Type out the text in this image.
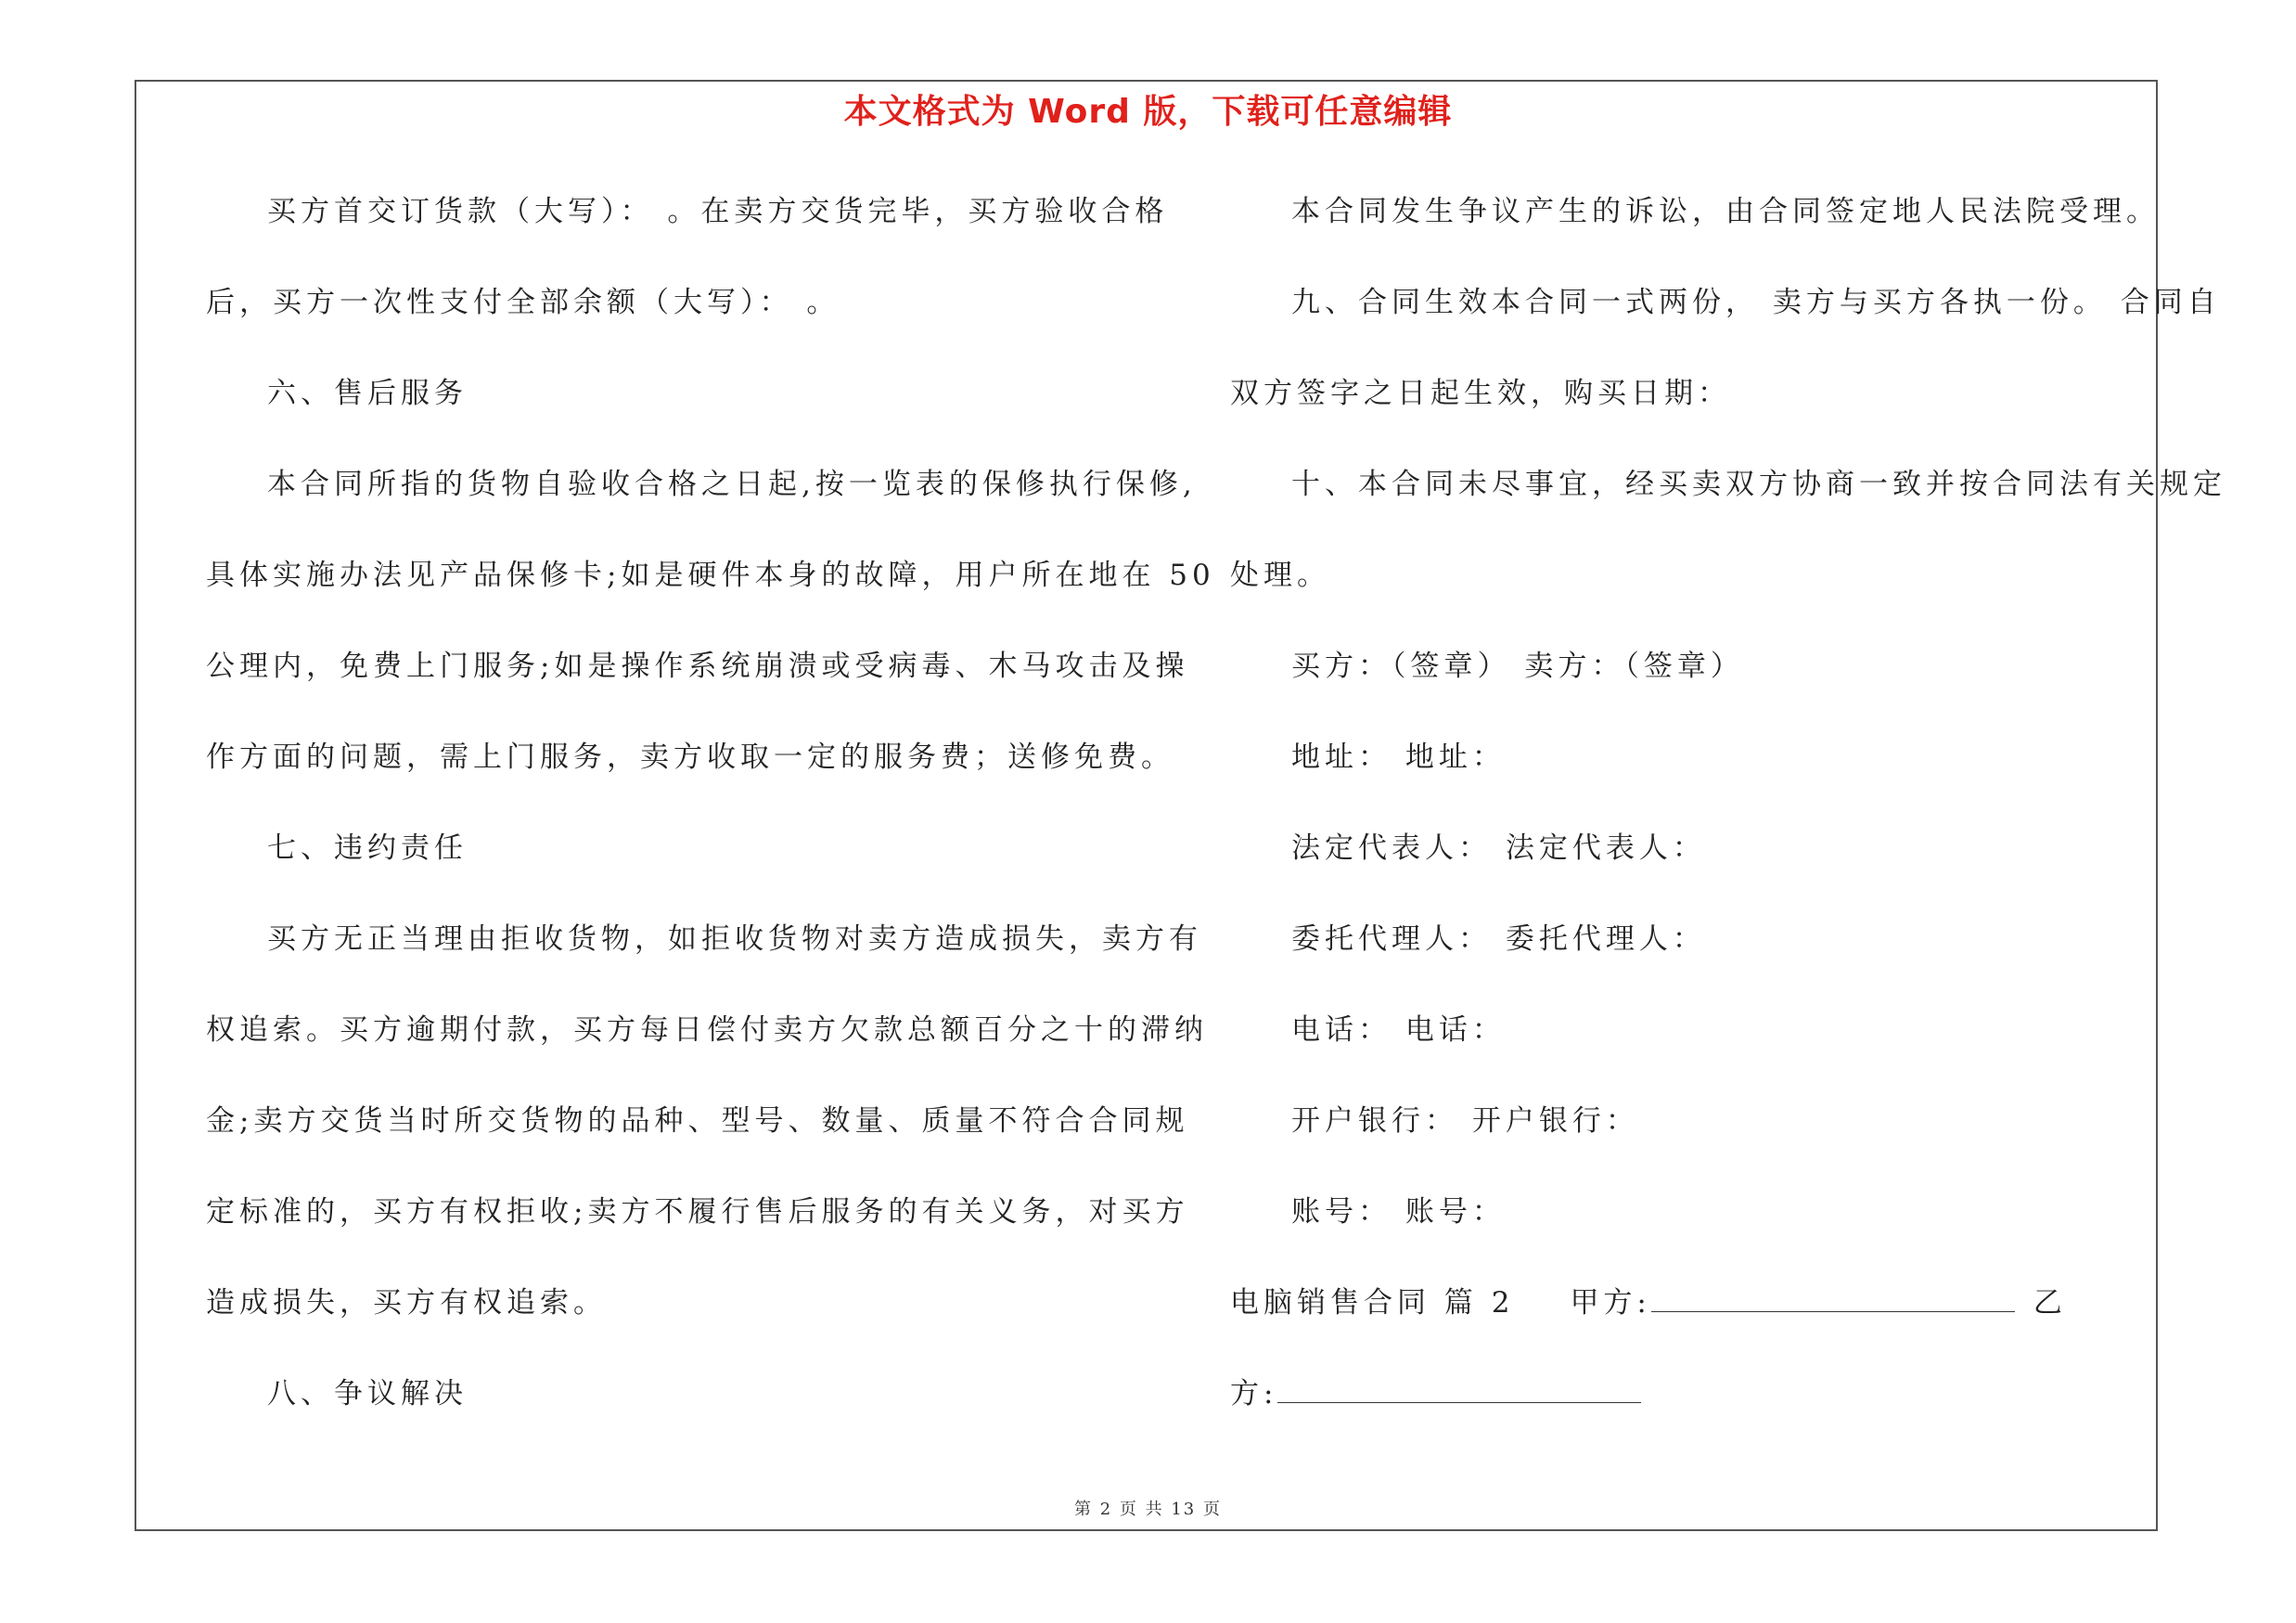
本文格式为 Word 版，下载可任意编辑
买方首交订货款（大写）： 。在卖方交货完毕，买方验收合格
后，买方一次性支付全部余额（大写）： 。
六、售后服务
本合同所指的货物自验收合格之日起,按一览表的保修执行保修,
具体实施办法见产品保修卡;如是硬件本身的故障，用户所在地在 50
公理内，免费上门服务;如是操作系统崩溃或受病毒、木马攻击及操
作方面的问题，需上门服务，卖方收取一定的服务费；送修免费。
七、违约责任
买方无正当理由拒收货物，如拒收货物对卖方造成损失，卖方有
权追索。买方逾期付款，买方每日偿付卖方欠款总额百分之十的滞纳
金;卖方交货当时所交货物的品种、型号、数量、质量不符合合同规
定标准的，买方有权拒收;卖方不履行售后服务的有关义务，对买方
造成损失，买方有权追索。
八、争议解决
本合同发生争议产生的诉讼，由合同签定地人民法院受理。
九、合同生效本合同一式两份， 卖方与买方各执一份。 合同自
双方签字之日起生效，购买日期：
十、本合同未尽事宜，经买卖双方协商一致并按合同法有关规定
处理。
买方：（签章） 卖方：（签章）
地址： 地址：
法定代表人： 法定代表人：
委托代理人： 委托代理人：
电话： 电话：
开户银行： 开户银行：
账号： 账号：
电脑销售合同 篇 2 甲方:	乙
方:
第 2 页 共 13 页
